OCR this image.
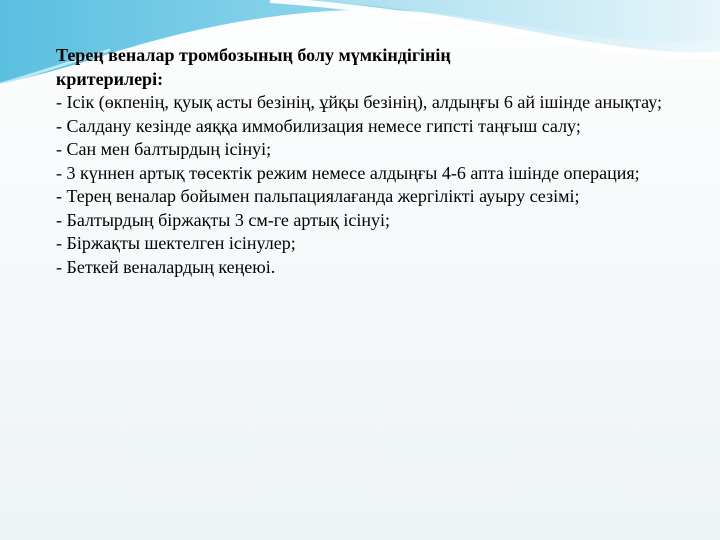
Терең веналар тромбозының болу мүмкіндігінің
критерилері:

- Ісік (өкпенің, қуық асты безінің, ұйқы безінің), алдыңғы 6 ай ішінде анықтау;
- Салдану кезінде аяққа иммобилизация немесе гипсті таңғыш салу;
- Сан мен балтырдың ісінуі;
- 3 күннен артық төсектік режим немесе алдыңғы 4-6 апта ішінде операция;
- Терең веналар бойымен пальпациялағанда жергілікті ауыру сезімі;
- Балтырдың біржақты 3 см-ге артық ісінуі;
- Біржақты шектелген ісінулер;
- Беткей веналардың кеңеюі.
